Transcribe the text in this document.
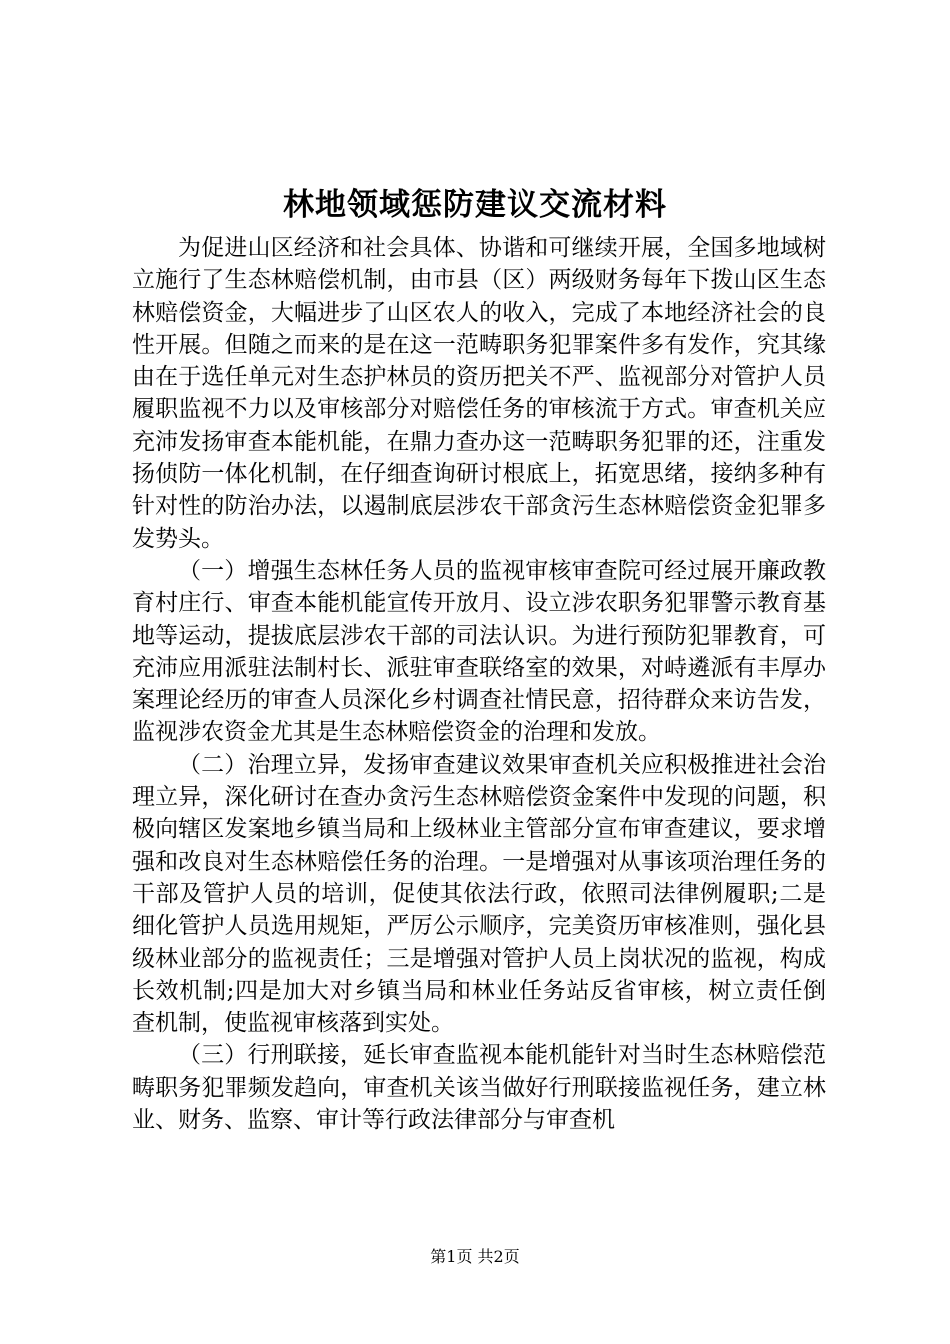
林地领域惩防建议交流材料

为促进山区经济和社会具体、协谐和可继续开展，全国多地域树立施行了生态林赔偿机制，由市县（区）两级财务每年下拨山区生态林赔偿资金，大幅进步了山区农人的收入，完成了本地经济社会的良性开展。但随之而来的是在这一范畴职务犯罪案件多有发作，究其缘由在于选任单元对生态护林员的资历把关不严、监视部分对管护人员履职监视不力以及审核部分对赔偿任务的审核流于方式。审查机关应充沛发扬审查本能机能，在鼎力查办这一范畴职务犯罪的还，注重发扬侦防一体化机制，在仔细查询研讨根底上，拓宽思绪，接纳多种有针对性的防治办法，以遏制底层涉农干部贪污生态林赔偿资金犯罪多发势头。

（一）增强生态林任务人员的监视审核审查院可经过展开廉政教育村庄行、审查本能机能宣传开放月、设立涉农职务犯罪警示教育基地等运动，提拔底层涉农干部的司法认识。为进行预防犯罪教育，可充沛应用派驻法制村长、派驻审查联络室的效果，对峙遴派有丰厚办案理论经历的审查人员深化乡村调查社情民意，招待群众来访告发，监视涉农资金尤其是生态林赔偿资金的治理和发放。

（二）治理立异，发扬审查建议效果审查机关应积极推进社会治理立异，深化研讨在查办贪污生态林赔偿资金案件中发现的问题，积极向辖区发案地乡镇当局和上级林业主管部分宣布审查建议，要求增强和改良对生态林赔偿任务的治理。一是增强对从事该项治理任务的干部及管护人员的培训，促使其依法行政，依照司法律例履职;二是细化管护人员选用规矩，严厉公示顺序，完美资历审核准则，强化县级林业部分的监视责任；三是增强对管护人员上岗状况的监视，构成长效机制;四是加大对乡镇当局和林业任务站反省审核，树立责任倒查机制，使监视审核落到实处。

（三）行刑联接，延长审查监视本能机能针对当时生态林赔偿范畴职务犯罪频发趋向，审查机关该当做好行刑联接监视任务，建立林业、财务、监察、审计等行政法律部分与审查机

第1页 共2页
